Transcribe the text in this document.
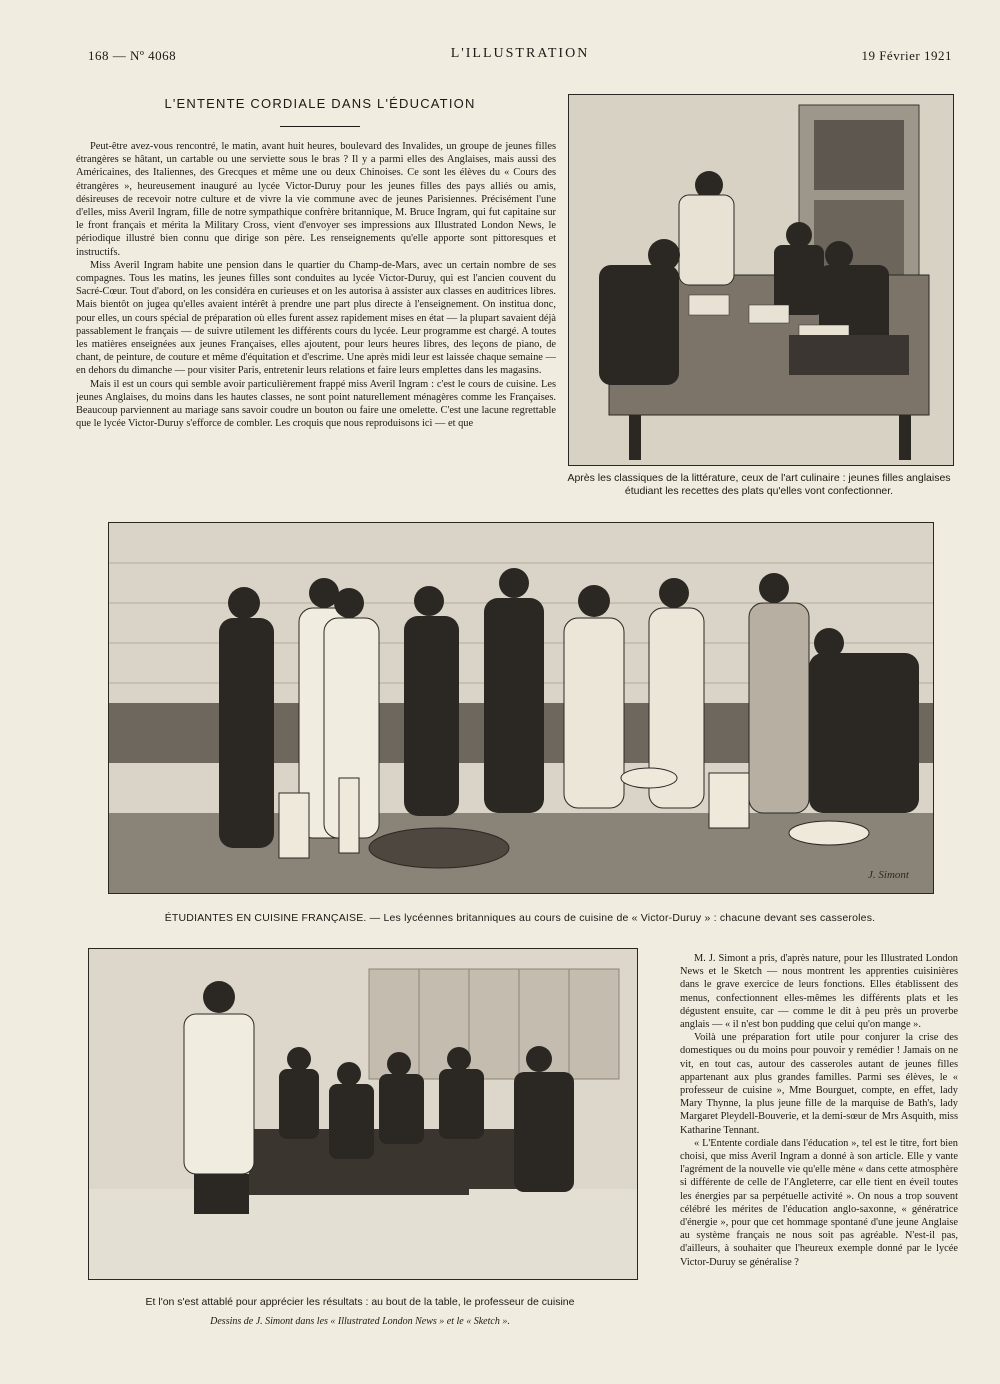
168 — Nº 4068	L'ILLUSTRATION	19 Février 1921
L'ENTENTE CORDIALE DANS L'ÉDUCATION

Peut-être avez-vous rencontré, le matin, avant huit heures, boulevard des Invalides, un groupe de jeunes filles étrangères se hâtant, un cartable ou une serviette sous le bras ? Il y a parmi elles des Anglaises, mais aussi des Américaines, des Italiennes, des Grecques et même une ou deux Chinoises. Ce sont les élèves du « Cours des étrangères », heureusement inauguré au lycée Victor-Duruy pour les jeunes filles des pays alliés ou amis, désireuses de recevoir notre culture et de vivre la vie commune avec de jeunes Parisiennes. Précisément l'une d'elles, miss Averil Ingram, fille de notre sympathique confrère britannique, M. Bruce Ingram, qui fut capitaine sur le front français et mérita la Military Cross, vient d'envoyer ses impressions aux Illustrated London News, le périodique illustré bien connu que dirige son père. Les renseignements qu'elle apporte sont pittoresques et instructifs.

Miss Averil Ingram habite une pension dans le quartier du Champ-de-Mars, avec un certain nombre de ses compagnes. Tous les matins, les jeunes filles sont conduites au lycée Victor-Duruy, qui est l'ancien couvent du Sacré-Cœur. Tout d'abord, on les considéra en curieuses et on les autorisa à assister aux classes en auditrices libres. Mais bientôt on jugea qu'elles avaient intérêt à prendre une part plus directe à l'enseignement. On institua donc, pour elles, un cours spécial de préparation où elles furent assez rapidement mises en état — la plupart savaient déjà passablement le français — de suivre utilement les différents cours du lycée. Leur programme est chargé. A toutes les matières enseignées aux jeunes Françaises, elles ajoutent, pour leurs heures libres, des leçons de piano, de chant, de peinture, de couture et même d'équitation et d'escrime. Une après midi leur est laissée chaque semaine — en dehors du dimanche — pour visiter Paris, entretenir leurs relations et faire leurs emplettes dans les magasins.

Mais il est un cours qui semble avoir particulièrement frappé miss Averil Ingram : c'est le cours de cuisine. Les jeunes Anglaises, du moins dans les hautes classes, ne sont point naturellement ménagères comme les Françaises. Beaucoup parviennent au mariage sans savoir coudre un bouton ou faire une omelette. C'est une lacune regrettable que le lycée Victor-Duruy s'efforce de combler. Les croquis que nous reproduisons ici — et que

Après les classiques de la littérature, ceux de l'art culinaire : jeunes filles anglaises étudiant les recettes des plats qu'elles vont confectionner.
J. Simont
ÉTUDIANTES EN CUISINE FRANÇAISE. — Les lycéennes britanniques au cours de cuisine de « Victor-Duruy » : chacune devant ses casseroles.
Et l'on s'est attablé pour apprécier les résultats : au bout de la table, le professeur de cuisine
Dessins de J. Simont dans les « Illustrated London News » et le « Sketch ».

M. J. Simont a pris, d'après nature, pour les Illustrated London News et le Sketch — nous montrent les apprenties cuisinières dans le grave exercice de leurs fonctions. Elles établissent des menus, confectionnent elles-mêmes les différents plats et les dégustent ensuite, car — comme le dit à peu près un proverbe anglais — « il n'est bon pudding que celui qu'on mange ».

Voilà une préparation fort utile pour conjurer la crise des domestiques ou du moins pour pouvoir y remédier ! Jamais on ne vit, en tout cas, autour des casseroles autant de jeunes filles appartenant aux plus grandes familles. Parmi ses élèves, le « professeur de cuisine », Mme Bourguet, compte, en effet, lady Mary Thynne, la plus jeune fille de la marquise de Bath's, lady Margaret Pleydell-Bouverie, et la demi-sœur de Mrs Asquith, miss Katharine Tennant.

« L'Entente cordiale dans l'éducation », tel est le titre, fort bien choisi, que miss Averil Ingram a donné à son article. Elle y vante l'agrément de la nouvelle vie qu'elle mène « dans cette atmosphère si différente de celle de l'Angleterre, car elle tient en éveil toutes les énergies par sa perpétuelle activité ». On nous a trop souvent célébré les mérites de l'éducation anglo-saxonne, « génératrice d'énergie », pour que cet hommage spontané d'une jeune Anglaise au système français ne nous soit pas agréable. N'est-il pas, d'ailleurs, à souhaiter que l'heureux exemple donné par le lycée Victor-Duruy se généralise ?
